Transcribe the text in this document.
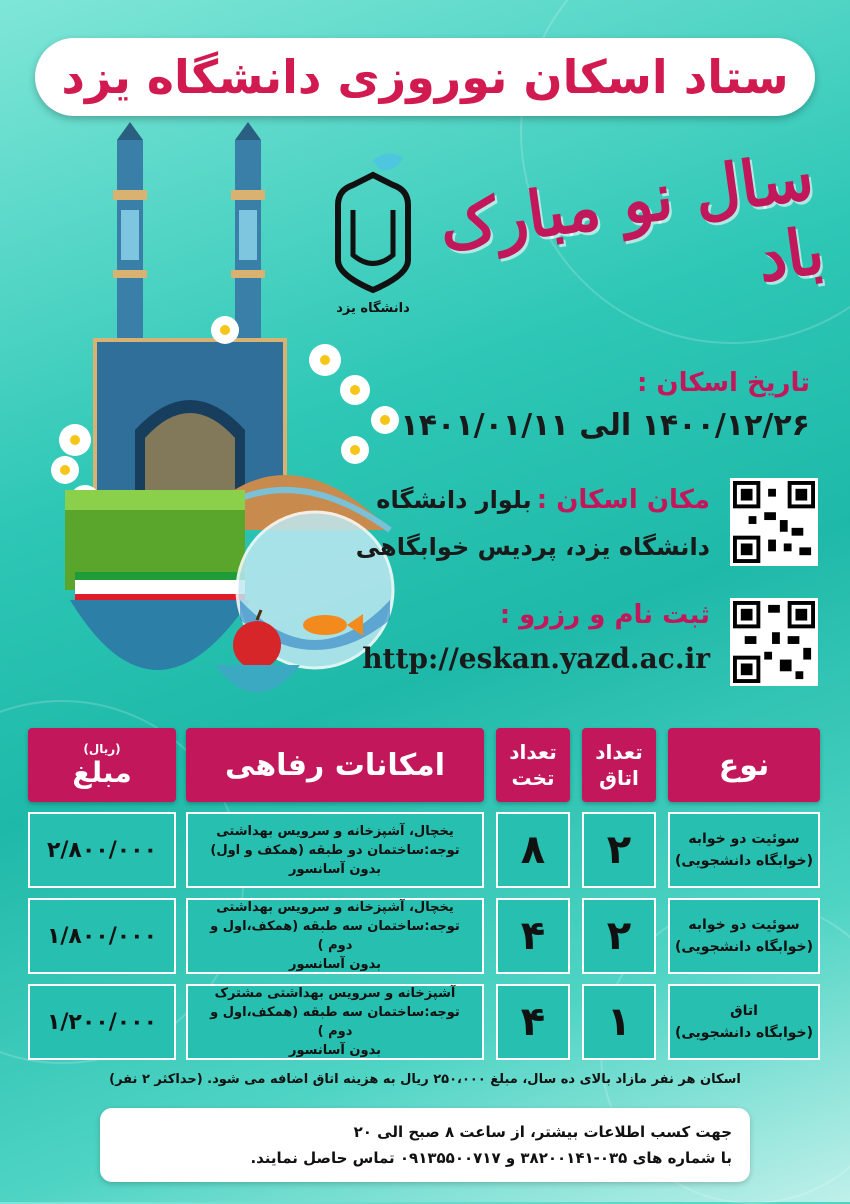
ستاد اسکان نوروزی دانشگاه یزد
دانشگاه یزد
سال نو مبارک باد
تاریخ اسکان :
۱۴۰۰/۱۲/۲۶ الی ۱۴۰۱/۰۱/۱۱
مکان اسکان : بلوار دانشگاه
دانشگاه یزد، پردیس خوابگاهی
ثبت نام و رزرو :
http://eskan.yazd.ac.ir
نوع
تعداد اتاق
تعداد تخت
امکانات رفاهی
(ریال)
مبلغ
سوئیت دو خوابه
(خوابگاه دانشجویی)
۲
۸
یخچال، آشپزخانه و سرویس بهداشتی
توجه:ساختمان دو طبقه (همکف و اول)
بدون آسانسور
۲/۸۰۰/۰۰۰
سوئیت دو خوابه
(خوابگاه دانشجویی)
۲
۴
یخچال، آشپزخانه و سرویس بهداشتی
توجه:ساختمان سه طبقه (همکف،اول و دوم )
بدون آسانسور
۱/۸۰۰/۰۰۰
اتاق
(خوابگاه دانشجویی)
۱
۴
آشپزخانه و سرویس بهداشتی مشترک
توجه:ساختمان سه طبقه (همکف،اول و دوم )
بدون آسانسور
۱/۲۰۰/۰۰۰
اسکان هر نفر مازاد بالای ده سال، مبلغ ۲۵۰،۰۰۰ ریال به هزینه اتاق اضافه می شود. (حداکثر ۲ نفر)
جهت کسب اطلاعات بیشتر، از ساعت ۸ صبح الی ۲۰
با شماره های ۰۳۵-۳۸۲۰۰۱۴۱ و ۰۹۱۳۵۵۰۰۷۱۷ تماس حاصل نمایند.
